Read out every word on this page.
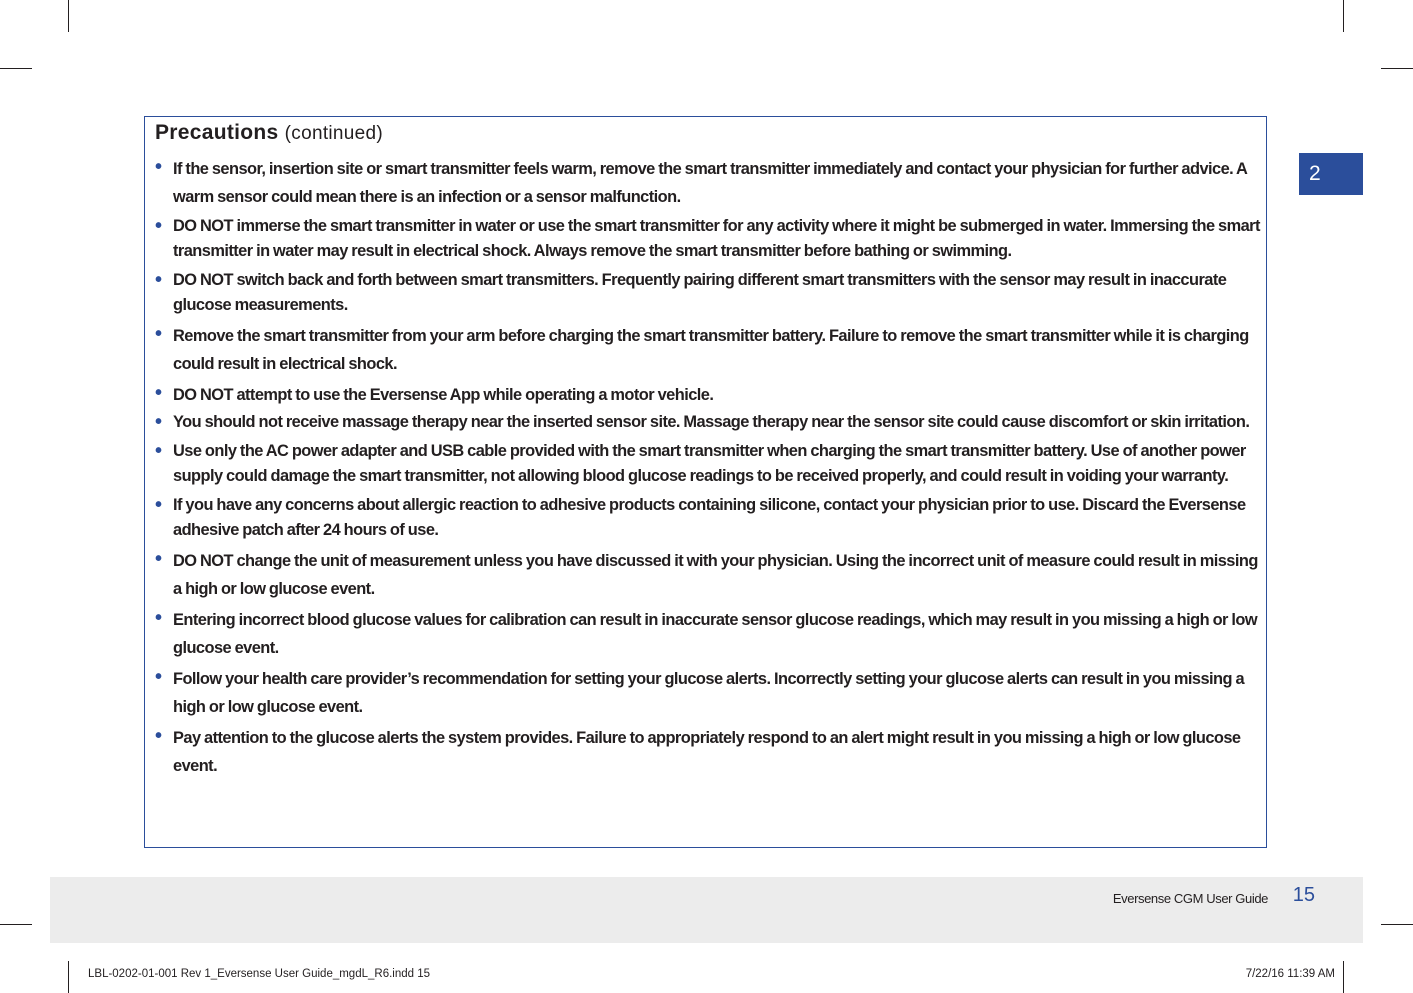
2
Precautions (continued)
• If the sensor, insertion site or smart transmitter feels warm, remove the smart transmitter immediately and contact your physician for further advice. A warm sensor could mean there is an infection or a sensor malfunction.
• DO NOT immerse the smart transmitter in water or use the smart transmitter for any activity where it might be submerged in water. Immersing the smart transmitter in water may result in electrical shock. Always remove the smart transmitter before bathing or swimming.
• DO NOT switch back and forth between smart transmitters. Frequently pairing different smart transmitters with the sensor may result in inaccurate glucose measurements.
• Remove the smart transmitter from your arm before charging the smart transmitter battery. Failure to remove the smart transmitter while it is charging could result in electrical shock.
• DO NOT attempt to use the Eversense App while operating a motor vehicle.
• You should not receive massage therapy near the inserted sensor site. Massage therapy near the sensor site could cause discomfort or skin irritation.
• Use only the AC power adapter and USB cable provided with the smart transmitter when charging the smart transmitter battery. Use of another power supply could damage the smart transmitter, not allowing blood glucose readings to be received properly, and could result in voiding your warranty.
• If you have any concerns about allergic reaction to adhesive products containing silicone, contact your physician prior to use. Discard the Eversense adhesive patch after 24 hours of use.
• DO NOT change the unit of measurement unless you have discussed it with your physician. Using the incorrect unit of measure could result in missing a high or low glucose event.
• Entering incorrect blood glucose values for calibration can result in inaccurate sensor glucose readings, which may result in you missing a high or low glucose event.
• Follow your health care provider’s recommendation for setting your glucose alerts. Incorrectly setting your glucose alerts can result in you missing a high or low glucose event.
• Pay attention to the glucose alerts the system provides. Failure to appropriately respond to an alert might result in you missing a high or low glucose event.
Eversense CGM User Guide 15
LBL-0202-01-001 Rev 1_Eversense User Guide_mgdL_R6.indd 15	7/22/16 11:39 AM
